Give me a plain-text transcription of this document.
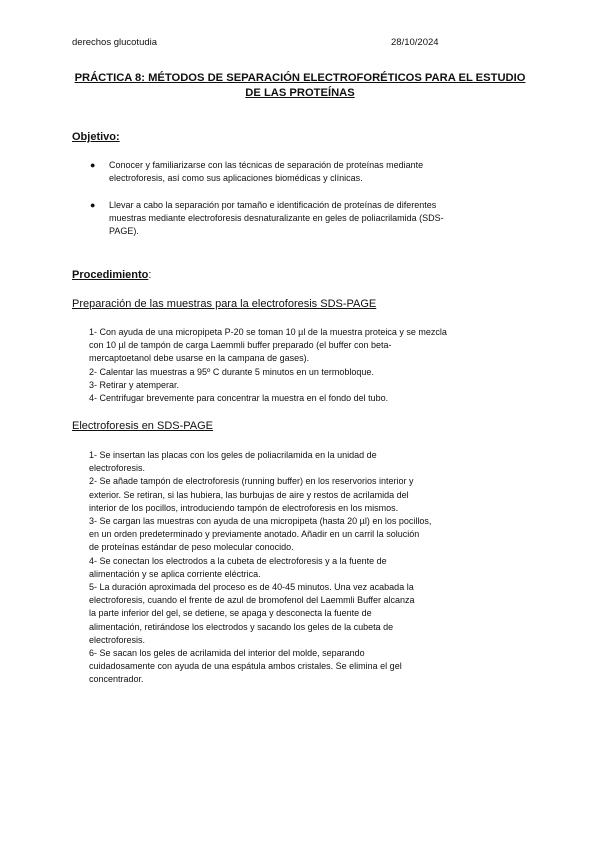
derechos glucotudia	28/10/2024
PRÁCTICA 8: MÉTODOS DE SEPARACIÓN ELECTROFORÉTICOS PARA EL ESTUDIO
DE LAS PROTEÍNAS
Objetivo:
● Conocer y familiarizarse con las técnicas de separación de proteínas mediante
electroforesis, así como sus aplicaciones biomédicas y clínicas.
● Llevar a cabo la separación por tamaño e identificación de proteínas de diferentes
muestras mediante electroforesis desnaturalizante en geles de poliacrilamida (SDS-
PAGE).
Procedimiento:
Preparación de las muestras para la electroforesis SDS-PAGE
1- Con ayuda de una micropipeta P-20 se toman 10 µl de la muestra proteica y se mezcla
con 10 µl de tampón de carga Laemmli buffer preparado (el buffer con beta-
mercaptoetanol debe usarse en la campana de gases).
2- Calentar las muestras a 95º C durante 5 minutos en un termobloque.
3- Retirar y atemperar.
4- Centrifugar brevemente para concentrar la muestra en el fondo del tubo.
Electroforesis en SDS-PAGE
1- Se insertan las placas con los geles de poliacrilamida en la unidad de
electroforesis.
2- Se añade tampón de electroforesis (running buffer) en los reservorios interior y
exterior. Se retiran, si las hubiera, las burbujas de aire y restos de acrilamida del
interior de los pocillos, introduciendo tampón de electroforesis en los mismos.
3- Se cargan las muestras con ayuda de una micropipeta (hasta 20 µl) en los pocillos,
en un orden predeterminado y previamente anotado. Añadir en un carril la solución
de proteínas estándar de peso molecular conocido.
4- Se conectan los electrodos a la cubeta de electroforesis y a la fuente de
alimentación y se aplica corriente eléctrica.
5- La duración aproximada del proceso es de 40-45 minutos. Una vez acabada la
electroforesis, cuando el frente de azul de bromofenol del Laemmli Buffer alcanza
la parte inferior del gel, se detiene, se apaga y desconecta la fuente de
alimentación, retirándose los electrodos y sacando los geles de la cubeta de
electroforesis.
6- Se sacan los geles de acrilamida del interior del molde, separando
cuidadosamente con ayuda de una espátula ambos cristales. Se elimina el gel
concentrador.
